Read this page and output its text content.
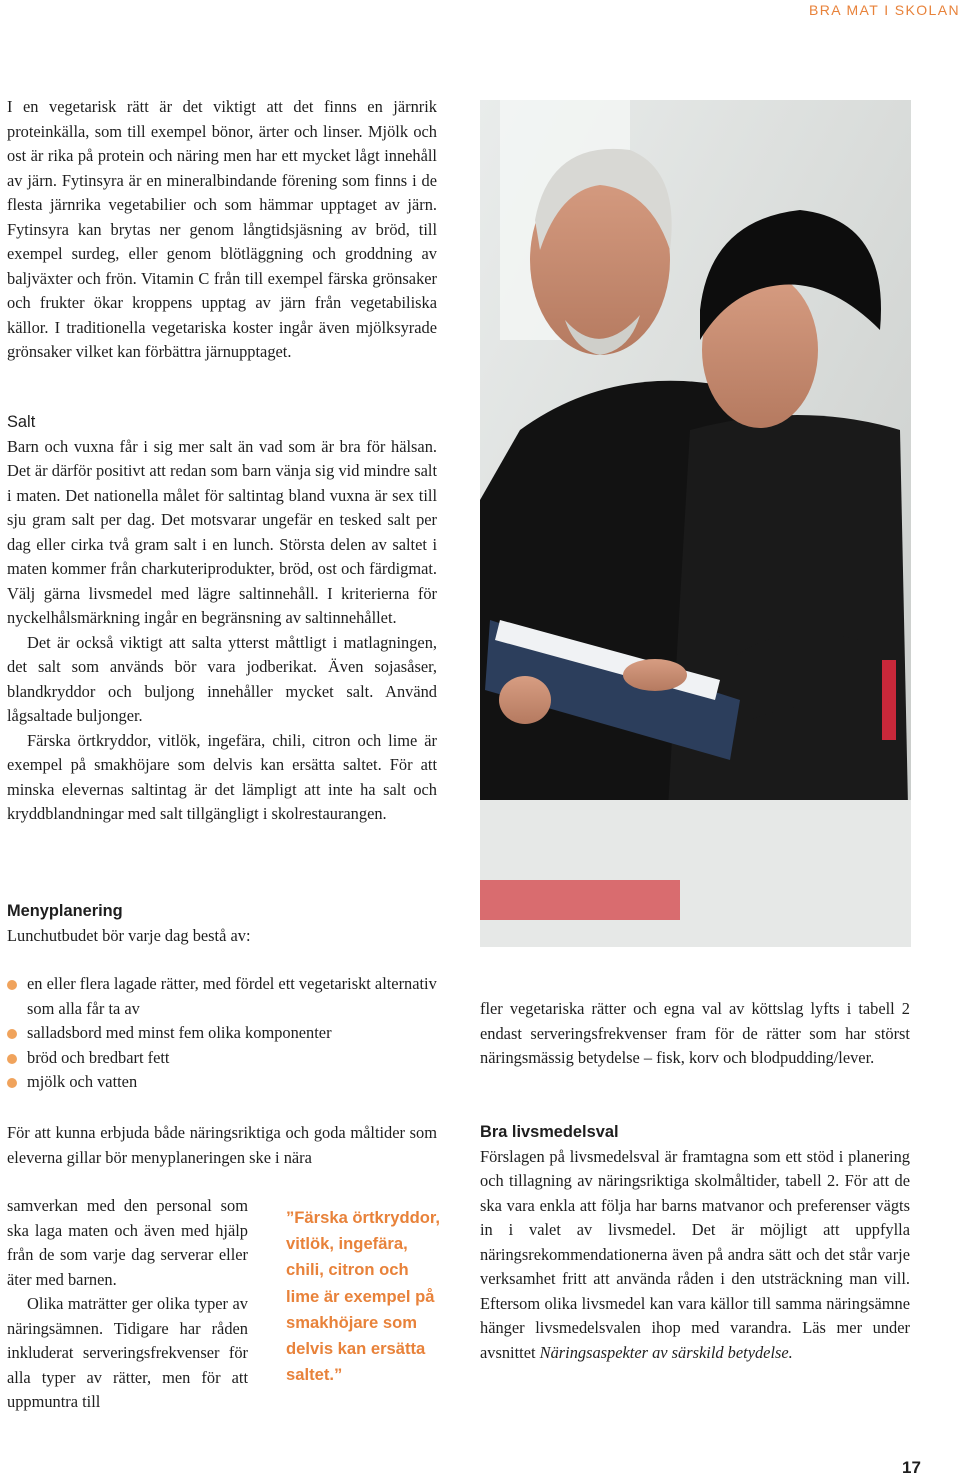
BRA MAT I SKOLAN

I en vegetarisk rätt är det viktigt att det finns en järnrik proteinkälla, som till exempel bönor, ärter och linser. Mjölk och ost är rika på protein och näring men har ett mycket lågt innehåll av järn. Fytinsyra är en mineralbindande förening som finns i de flesta järnrika vegetabilier och som hämmar upptaget av järn. Fytinsyra kan brytas ner genom långtidsjäsning av bröd, till exempel surdeg, eller genom blötläggning och groddning av baljväxter och frön. Vitamin C från till exempel färska grönsaker och frukter ökar kroppens upptag av järn från vegetabiliska källor. I traditionella vegetariska koster ingår även mjölksyrade grönsaker vilket kan förbättra järnupptaget.

Salt

Barn och vuxna får i sig mer salt än vad som är bra för hälsan. Det är därför positivt att redan som barn vänja sig vid mindre salt i maten. Det nationella målet för saltintag bland vuxna är sex till sju gram salt per dag. Det motsvarar ungefär en tesked salt per dag eller cirka två gram salt i en lunch. Största delen av saltet i maten kommer från charkuteriprodukter, bröd, ost och färdigmat. Välj gärna livsmedel med lägre saltinnehåll. I kriterierna för nyckelhålsmärkning ingår en begränsning av saltinnehållet.

Det är också viktigt att salta ytterst måttligt i matlagningen, det salt som används bör vara jodberikat. Även sojasåser, blandkryddor och buljong innehåller mycket salt. Använd lågsaltade buljonger.

Färska örtkryddor, vitlök, ingefära, chili, citron och lime är exempel på smakhöjare som delvis kan ersätta saltet. För att minska elevernas saltintag är det lämpligt att inte ha salt och kryddblandningar med salt tillgängligt i skolrestaurangen.

Menyplanering

Lunchutbudet bör varje dag bestå av:

en eller flera lagade rätter, med fördel ett vegetariskt alternativ som alla får ta av
salladsbord med minst fem olika komponenter
bröd och bredbart fett
mjölk och vatten

För att kunna erbjuda både näringsriktiga och goda måltider som eleverna gillar bör menyplaneringen ske i nära

samverkan med den personal som ska laga maten och även med hjälp från de som varje dag serverar eller äter med barnen.

Olika maträtter ger olika typer av näringsämnen. Tidigare har råden inkluderat serveringsfrekvenser för alla typer av rätter, men för att uppmuntra till

”Färska örtkryddor, vitlök, ingefära, chili, citron och lime är exempel på smakhöjare som delvis kan ersätta saltet.”

fler vegetariska rätter och egna val av köttslag lyfts i tabell 2 endast serveringsfrekvenser fram för de rätter som har störst näringsmässig betydelse – fisk, korv och blodpudding/lever.

Bra livsmedelsval

Förslagen på livsmedelsval är framtagna som ett stöd i planering och tillagning av näringsriktiga skolmåltider, tabell 2. För att de ska vara enkla att följa har barns matvanor och preferenser vägts in i valet av livsmedel. Det är möjligt att uppfylla näringsrekommendationerna även på andra sätt och det står varje verksamhet fritt att använda råden i den utsträckning man vill. Eftersom olika livsmedel kan vara källor till samma näringsämne hänger livsmedelsvalen ihop med varandra. Läs mer under avsnittet Näringsaspekter av särskild betydelse.

17
